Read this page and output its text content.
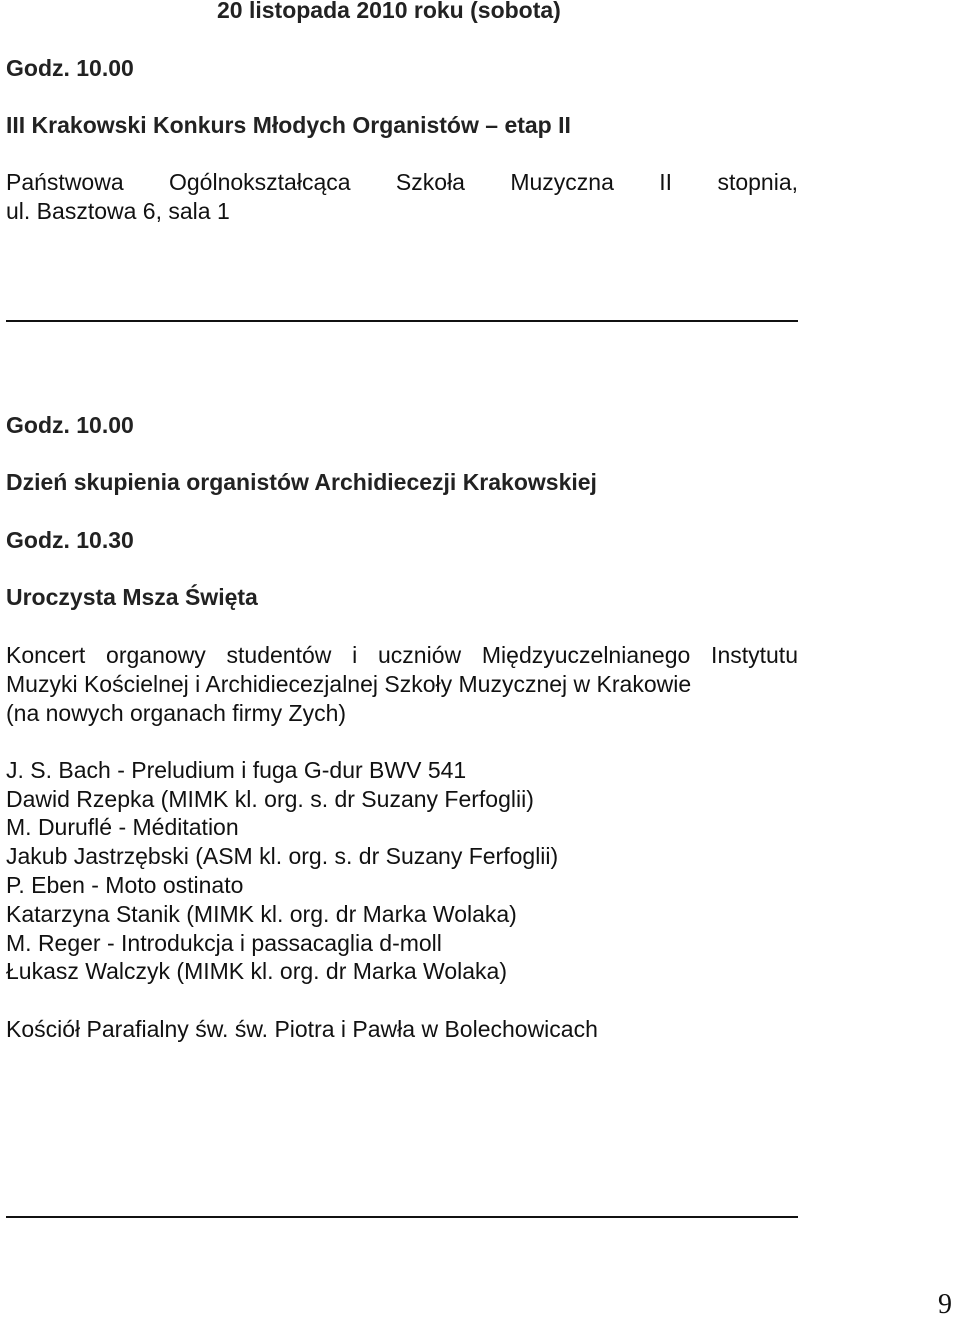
20 listopada 2010 roku (sobota)
Godz. 10.00
III Krakowski Konkurs Młodych Organistów – etap II
Państwowa Ogólnokształcąca Szkoła Muzyczna II stopnia,
ul. Basztowa 6, sala 1
Godz. 10.00
Dzień skupienia organistów Archidiecezji Krakowskiej
Godz. 10.30
Uroczysta Msza Święta
Koncert organowy studentów i uczniów Międzyuczelnianego Instytutu
Muzyki Kościelnej i Archidiecezjalnej Szkoły Muzycznej w Krakowie
(na nowych organach firmy Zych)
J. S. Bach - Preludium i fuga G-dur BWV 541
Dawid Rzepka (MIMK kl. org. s. dr Suzany Ferfoglii)
M. Duruflé - Méditation
Jakub Jastrzębski (ASM kl. org. s. dr Suzany Ferfoglii)
P. Eben - Moto ostinato
Katarzyna Stanik (MIMK kl. org. dr Marka Wolaka)
M. Reger - Introdukcja i passacaglia d-moll
Łukasz Walczyk (MIMK kl. org. dr Marka Wolaka)
Kościół Parafialny św. św. Piotra i Pawła w Bolechowicach
9
